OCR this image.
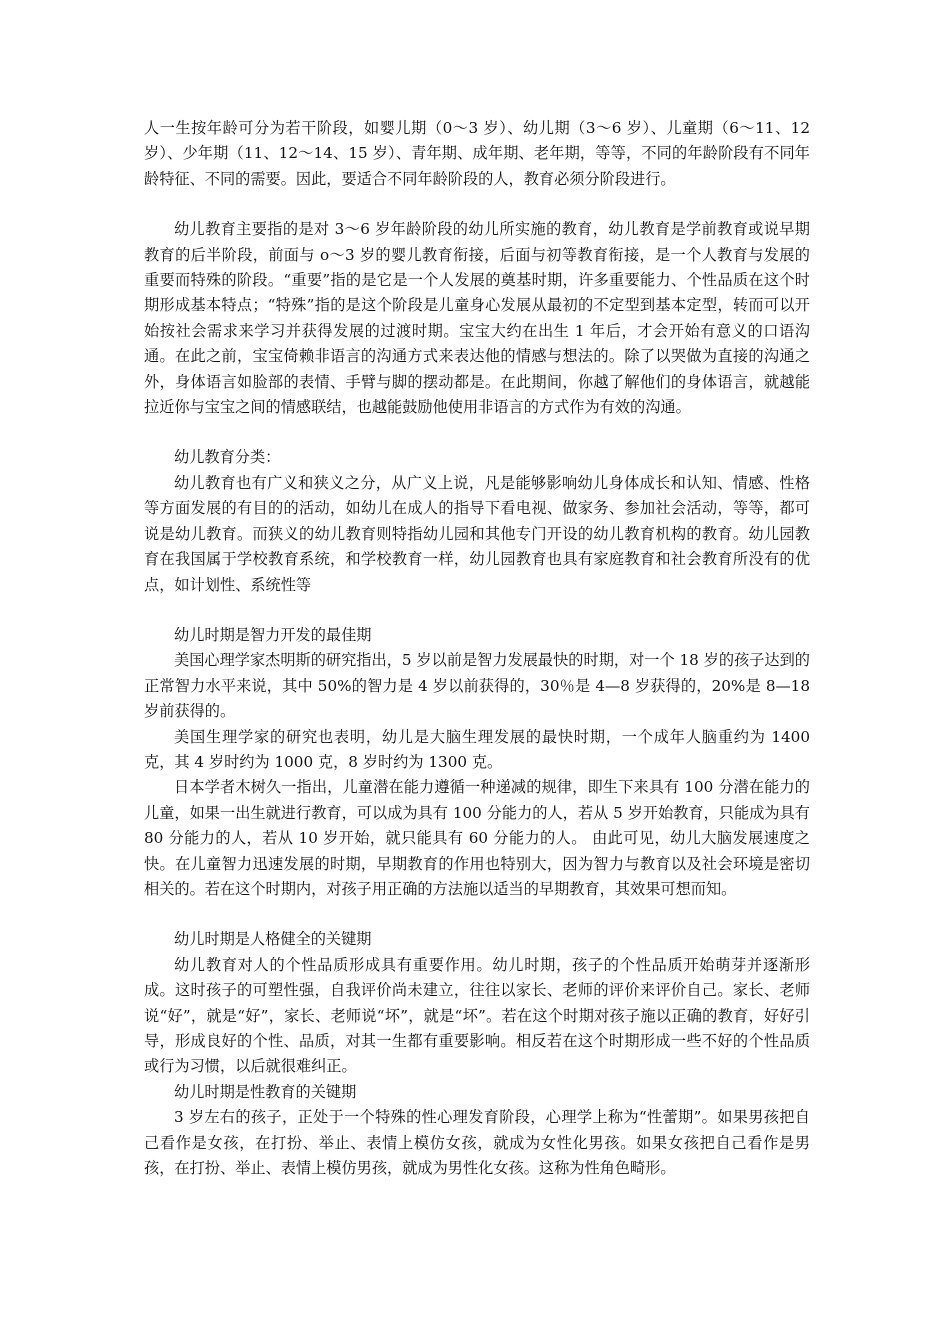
人一生按年龄可分为若干阶段，如婴儿期（0～3 岁）、幼儿期（3～6 岁）、儿童期（6～11、12 岁）、少年期（11、12～14、15 岁）、青年期、成年期、老年期，等等，不同的年龄阶段有不同年龄特征、不同的需要。因此，要适合不同年龄阶段的人，教育必须分阶段进行。

幼儿教育主要指的是对 3～6 岁年龄阶段的幼儿所实施的教育，幼儿教育是学前教育或说早期教育的后半阶段，前面与 o～3 岁的婴儿教育衔接，后面与初等教育衔接，是一个人教育与发展的重要而特殊的阶段。“重要”指的是它是一个人发展的奠基时期，许多重要能力、个性品质在这个时期形成基本特点；“特殊”指的是这个阶段是儿童身心发展从最初的不定型到基本定型，转而可以开始按社会需求来学习并获得发展的过渡时期。宝宝大约在出生 1 年后，才会开始有意义的口语沟通。在此之前，宝宝倚赖非语言的沟通方式来表达他的情感与想法的。除了以哭做为直接的沟通之外，身体语言如脸部的表情、手臂与脚的摆动都是。在此期间，你越了解他们的身体语言，就越能拉近你与宝宝之间的情感联结，也越能鼓励他使用非语言的方式作为有效的沟通。

幼儿教育分类：

幼儿教育也有广义和狭义之分，从广义上说，凡是能够影响幼儿身体成长和认知、情感、性格等方面发展的有目的的活动，如幼儿在成人的指导下看电视、做家务、参加社会活动，等等，都可说是幼儿教育。而狭义的幼儿教育则特指幼儿园和其他专门开设的幼儿教育机构的教育。幼儿园教育在我国属于学校教育系统，和学校教育一样，幼儿园教育也具有家庭教育和社会教育所没有的优点，如计划性、系统性等

幼儿时期是智力开发的最佳期

美国心理学家杰明斯的研究指出，5 岁以前是智力发展最快的时期，对一个 18 岁的孩子达到的正常智力水平来说，其中 50%的智力是 4 岁以前获得的，30％是 4—8 岁获得的，20%是 8—18 岁前获得的。

美国生理学家的研究也表明，幼儿是大脑生理发展的最快时期，一个成年人脑重约为 1400 克，其 4 岁时约为 1000 克，8 岁时约为 1300 克。

日本学者木树久一指出，儿童潜在能力遵循一种递减的规律，即生下来具有 100 分潜在能力的儿童，如果一出生就进行教育，可以成为具有 100 分能力的人，若从 5 岁开始教育，只能成为具有 80 分能力的人，若从 10 岁开始，就只能具有 60 分能力的人。 由此可见，幼儿大脑发展速度之快。在儿童智力迅速发展的时期，早期教育的作用也特别大，因为智力与教育以及社会环境是密切相关的。若在这个时期内，对孩子用正确的方法施以适当的早期教育，其效果可想而知。

幼儿时期是人格健全的关键期

幼儿教育对人的个性品质形成具有重要作用。幼儿时期，孩子的个性品质开始萌芽并逐渐形成。这时孩子的可塑性强，自我评价尚未建立，往往以家长、老师的评价来评价自己。家长、老师说“好”，就是“好”，家长、老师说“坏”，就是“坏”。若在这个时期对孩子施以正确的教育，好好引导，形成良好的个性、品质，对其一生都有重要影响。相反若在这个时期形成一些不好的个性品质或行为习惯，以后就很难纠正。

幼儿时期是性教育的关键期

3 岁左右的孩子，正处于一个特殊的性心理发育阶段，心理学上称为“性蕾期”。如果男孩把自己看作是女孩，在打扮、举止、表情上模仿女孩，就成为女性化男孩。如果女孩把自己看作是男孩，在打扮、举止、表情上模仿男孩，就成为男性化女孩。这称为性角色畸形。
